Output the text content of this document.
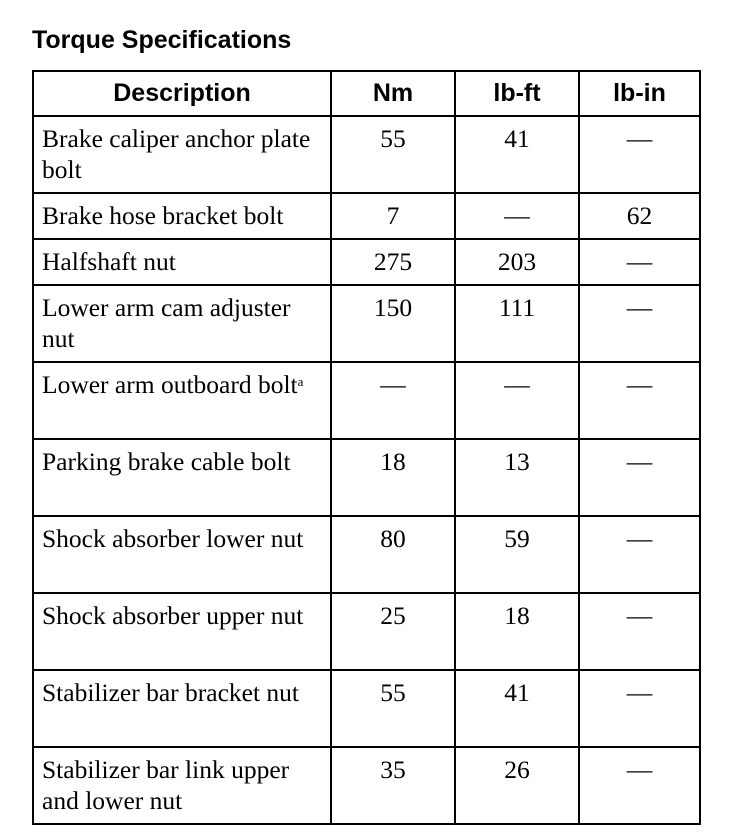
Torque Specifications
Description	Nm	lb-ft	lb-in
Brake caliper anchor plate bolt	55	41	—
Brake hose bracket bolt	7	—	62
Halfshaft nut	275	203	—
Lower arm cam adjuster nut	150	111	—
Lower arm outboard bolt$^a$	—	—	—
Parking brake cable bolt	18	13	—
Shock absorber lower nut	80	59	—
Shock absorber upper nut	25	18	—
Stabilizer bar bracket nut	55	41	—
Stabilizer bar link upper and lower nut	35	26	—
